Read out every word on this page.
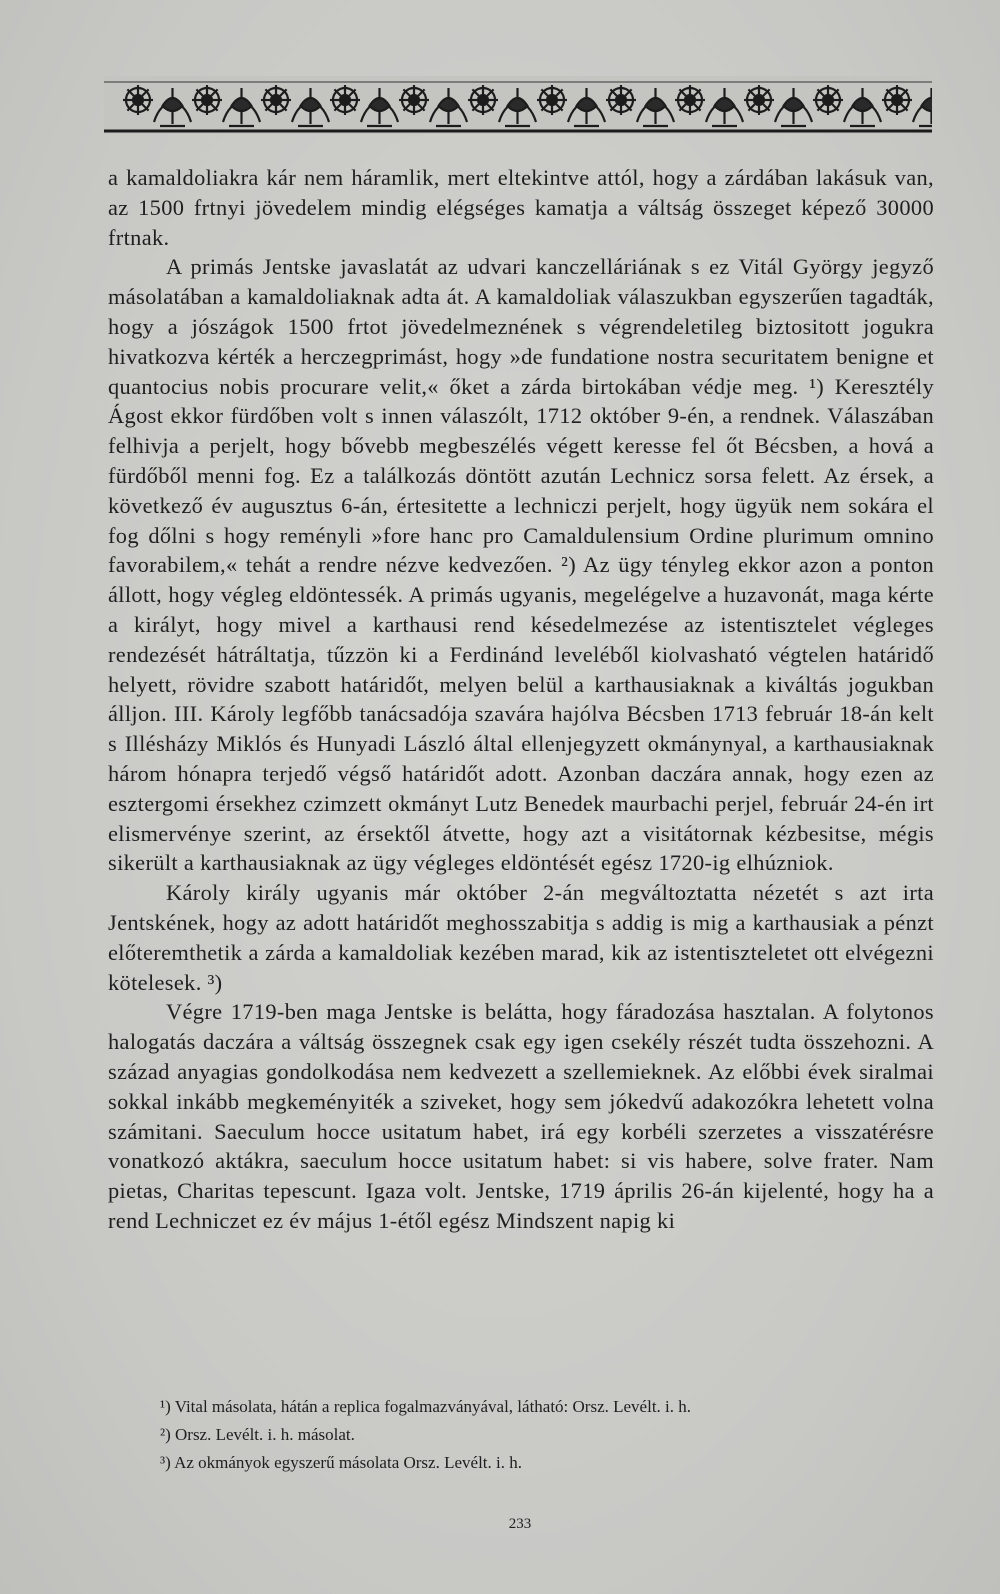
a kamaldoliakra kár nem háramlik, mert eltekintve attól, hogy a zárdában lakásuk van, az 1500 frtnyi jövedelem mindig elégséges kamatja a váltság összeget képező 30000 frtnak.

A primás Jentske javaslatát az udvari kanczelláriának s ez Vitál György jegyző másolatában a kamaldoliaknak adta át. A kamaldoliak válaszukban egyszerűen tagadták, hogy a jószágok 1500 frtot jövedelmeznének s végrendeletileg biztositott jogukra hivatkozva kérték a herczegprimást, hogy »de fundatione nostra securitatem benigne et quantocius nobis procurare velit,« őket a zárda birtokában védje meg. ¹) Keresztély Ágost ekkor fürdőben volt s innen válaszólt, 1712 október 9-én, a rendnek. Válaszában felhivja a perjelt, hogy bővebb megbeszélés végett keresse fel őt Bécsben, a hová a fürdőből menni fog. Ez a találkozás döntött azután Lechnicz sorsa felett. Az érsek, a következő év augusztus 6-án, értesitette a lechniczi perjelt, hogy ügyük nem sokára el fog dőlni s hogy reményli »fore hanc pro Camaldulensium Ordine plurimum omnino favorabilem,« tehát a rendre nézve kedvezően. ²) Az ügy tényleg ekkor azon a ponton állott, hogy végleg eldöntessék. A primás ugyanis, megelégelve a huzavonát, maga kérte a királyt, hogy mivel a karthausi rend késedelmezése az istentisztelet végleges rendezését hátráltatja, tűzzön ki a Ferdinánd leveléből kiolvasható végtelen határidő helyett, rövidre szabott határidőt, melyen belül a karthausiaknak a kiváltás jogukban álljon. III. Károly legfőbb tanácsadója szavára hajólva Bécsben 1713 február 18-án kelt s Illésházy Miklós és Hunyadi László által ellenjegyzett okmánynyal, a karthausiaknak három hónapra terjedő végső határidőt adott. Azonban daczára annak, hogy ezen az esztergomi érsekhez czimzett okmányt Lutz Benedek maurbachi perjel, február 24-én irt elismervénye szerint, az érsektől átvette, hogy azt a visitátornak kézbesitse, mégis sikerült a karthausiaknak az ügy végleges eldöntését egész 1720-ig elhúzniok.

Károly király ugyanis már október 2-án megváltoztatta nézetét s azt irta Jentskének, hogy az adott határidőt meghosszabitja s addig is mig a karthausiak a pénzt előteremthetik a zárda a kamaldoliak kezében marad, kik az istentiszteletet ott elvégezni kötelesek. ³)

Végre 1719-ben maga Jentske is belátta, hogy fáradozása hasztalan. A folytonos halogatás daczára a váltság összegnek csak egy igen csekély részét tudta összehozni. A század anyagias gondolkodása nem kedvezett a szellemieknek. Az előbbi évek siralmai sokkal inkább megkeményiték a sziveket, hogy sem jókedvű adakozókra lehetett volna számitani. Saeculum hocce usitatum habet, irá egy korbéli szerzetes a visszatérésre vonatkozó aktákra, saeculum hocce usitatum habet: si vis habere, solve frater. Nam pietas, Charitas tepescunt. Igaza volt. Jentske, 1719 április 26-án kijelenté, hogy ha a rend Lechniczet ez év május 1-étől egész Mindszent napig ki

¹) Vital másolata, hátán a replica fogalmazványával, látható: Orsz. Levélt. i. h.

²) Orsz. Levélt. i. h. másolat.

³) Az okmányok egyszerű másolata Orsz. Levélt. i. h.

233
